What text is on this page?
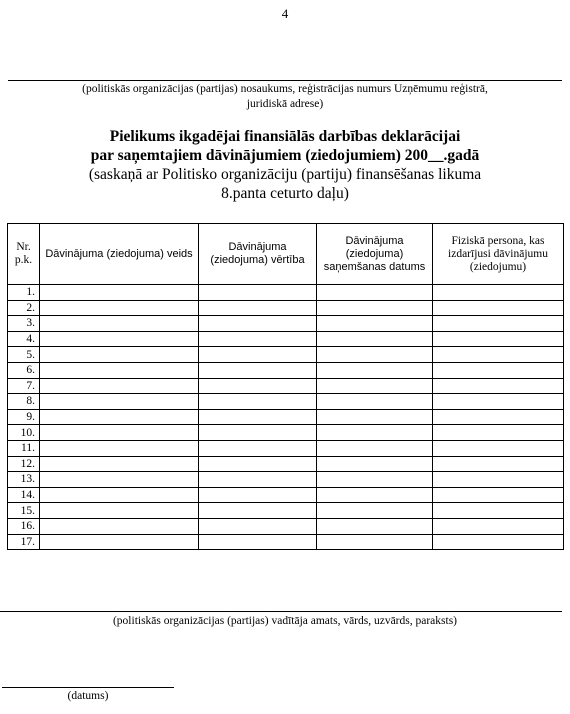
4
(politiskās organizācijas (partijas) nosaukums, reģistrācijas numurs Uzņēmumu reģistrā,
juridiskā adrese)
Pielikums ikgadējai finansiālās darbības deklarācijai
par saņemtajiem dāvinājumiem (ziedojumiem) 200__.gadā
(saskaņā ar Politisko organizāciju (partiju) finansēšanas likuma
8.panta ceturto daļu)
Nr. p.k.	Dāvinājuma (ziedojuma) veids	Dāvinājuma (ziedojuma) vērtība	Dāvinājuma (ziedojuma) saņemšanas datums	Fiziskā persona, kas izdarījusi dāvinājumu (ziedojumu)
1.				
2.				
3.				
4.				
5.				
6.				
7.				
8.				
9.				
10.				
11.				
12.				
13.				
14.				
15.				
16.				
17.				
(politiskās organizācijas (partijas) vadītāja amats, vārds, uzvārds, paraksts)
(datums)
